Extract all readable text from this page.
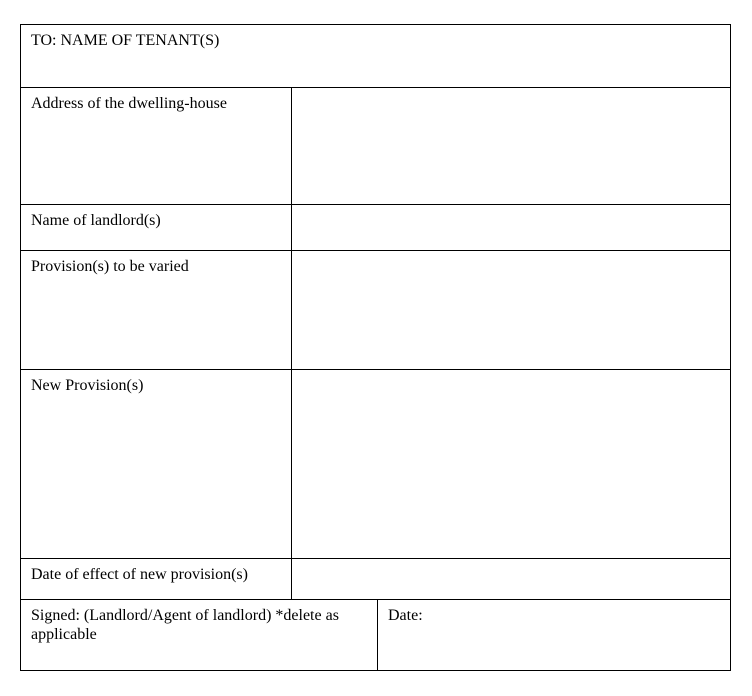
TO: NAME OF TENANT(S)
Address of the dwelling-house
Name of landlord(s)
Provision(s) to be varied
New Provision(s)
Date of effect of new provision(s)
Signed: (Landlord/Agent of landlord) *delete as applicable
Date:
